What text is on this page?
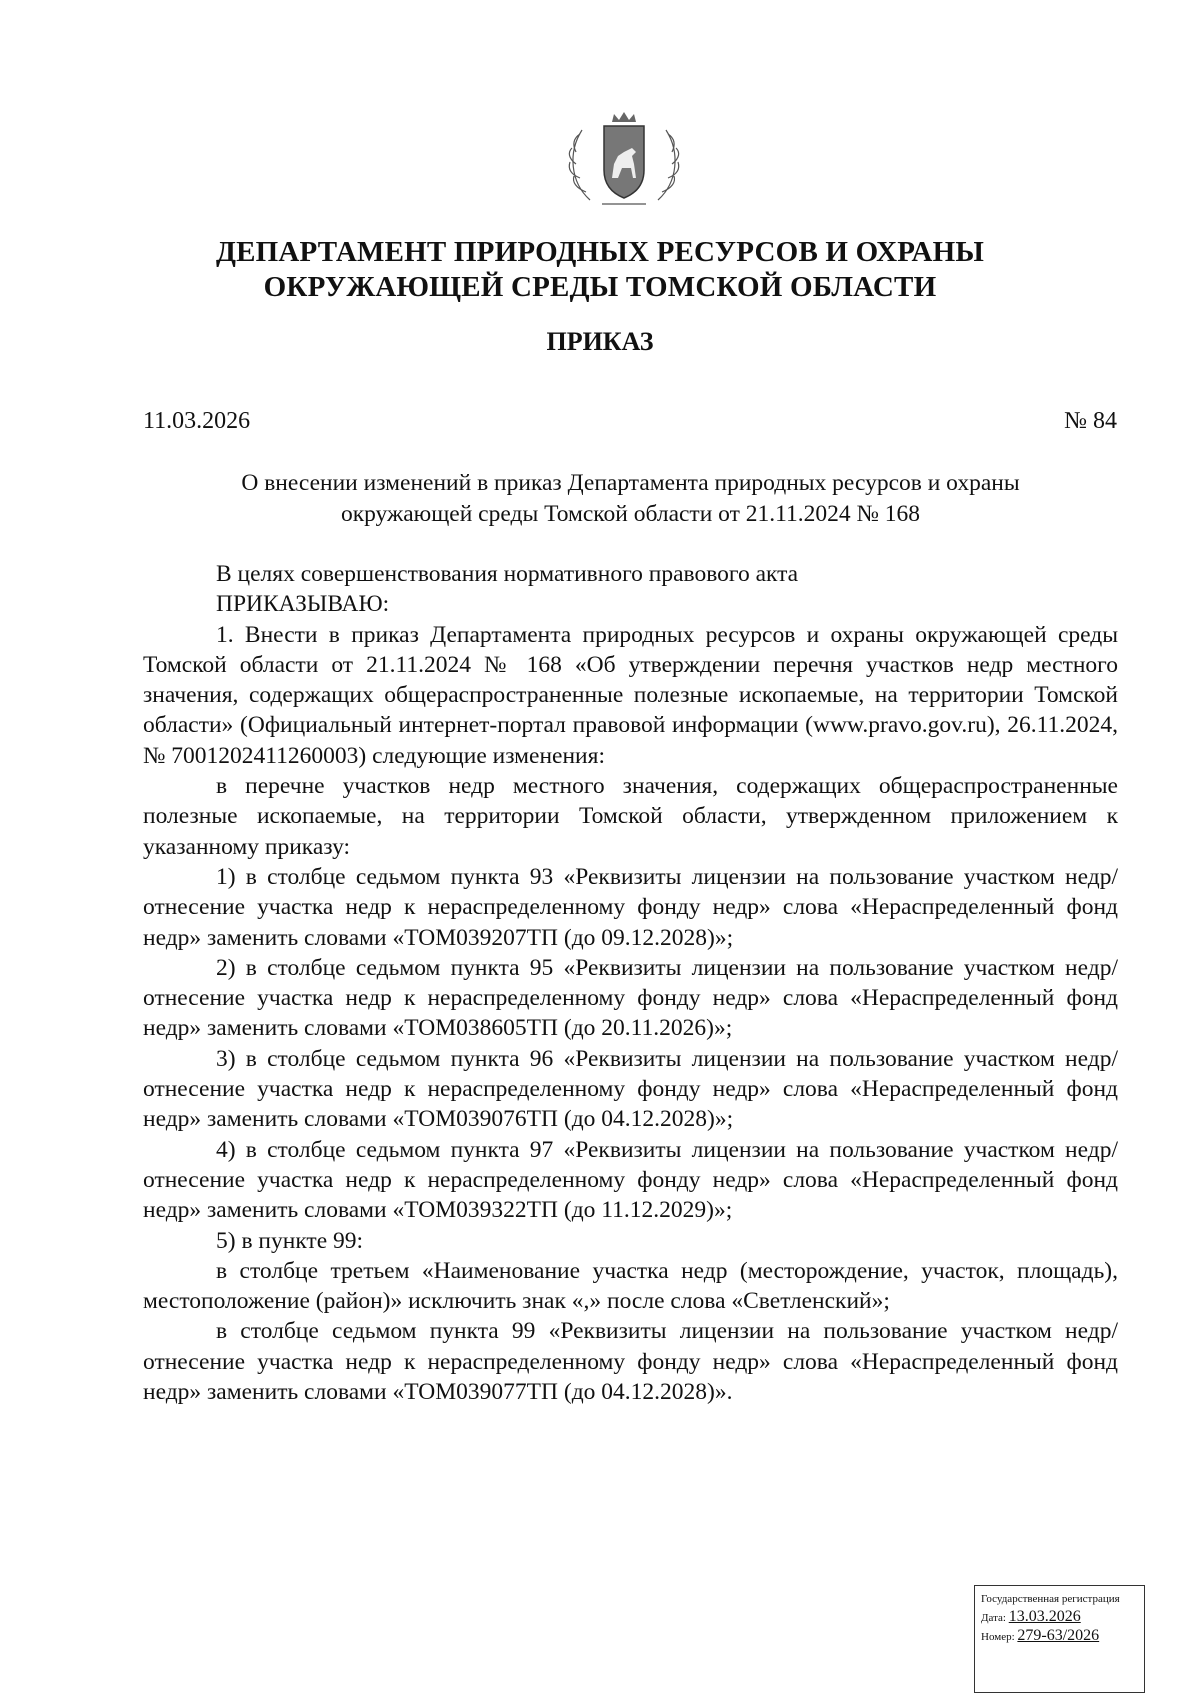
ДЕПАРТАМЕНТ ПРИРОДНЫХ РЕСУРСОВ И ОХРАНЫ
ОКРУЖАЮЩЕЙ СРЕДЫ ТОМСКОЙ ОБЛАСТИ
ПРИКАЗ
11.03.2026	№ 84
О внесении изменений в приказ Департамента природных ресурсов и охраны
окружающей среды Томской области от 21.11.2024 № 168

В целях совершенствования нормативного правового акта

ПРИКАЗЫВАЮ:

1. Внести в приказ Департамента природных ресурсов и охраны окружающей среды Томской области от 21.11.2024 № 168 «Об утверждении перечня участков недр местного значения, содержащих общераспространенные полезные ископаемые, на территории Томской области» (Официальный интернет-портал правовой информации (www.pravo.gov.ru), 26.11.2024, № 7001202411260003) следующие изменения:

в перечне участков недр местного значения, содержащих общераспространенные полезные ископаемые, на территории Томской области, утвержденном приложением к указанному приказу:

1) в столбце седьмом пункта 93 «Реквизиты лицензии на пользование участком недр/отнесение участка недр к нераспределенному фонду недр» слова «Нераспределенный фонд недр» заменить словами «ТОМ039207ТП (до 09.12.2028)»;

2) в столбце седьмом пункта 95 «Реквизиты лицензии на пользование участком недр/отнесение участка недр к нераспределенному фонду недр» слова «Нераспределенный фонд недр» заменить словами «ТОМ038605ТП (до 20.11.2026)»;

3) в столбце седьмом пункта 96 «Реквизиты лицензии на пользование участком недр/отнесение участка недр к нераспределенному фонду недр» слова «Нераспределенный фонд недр» заменить словами «ТОМ039076ТП (до 04.12.2028)»;

4) в столбце седьмом пункта 97 «Реквизиты лицензии на пользование участком недр/отнесение участка недр к нераспределенному фонду недр» слова «Нераспределенный фонд недр» заменить словами «ТОМ039322ТП (до 11.12.2029)»;

5) в пункте 99:

в столбце третьем «Наименование участка недр (месторождение, участок, площадь), местоположение (район)» исключить знак «,» после слова «Светленский»;

в столбце седьмом пункта 99 «Реквизиты лицензии на пользование участком недр/отнесение участка недр к нераспределенному фонду недр» слова «Нераспределенный фонд недр» заменить словами «ТОМ039077ТП (до 04.12.2028)».

Государственная регистрация
Дата: 13.03.2026
Номер: 279-63/2026
